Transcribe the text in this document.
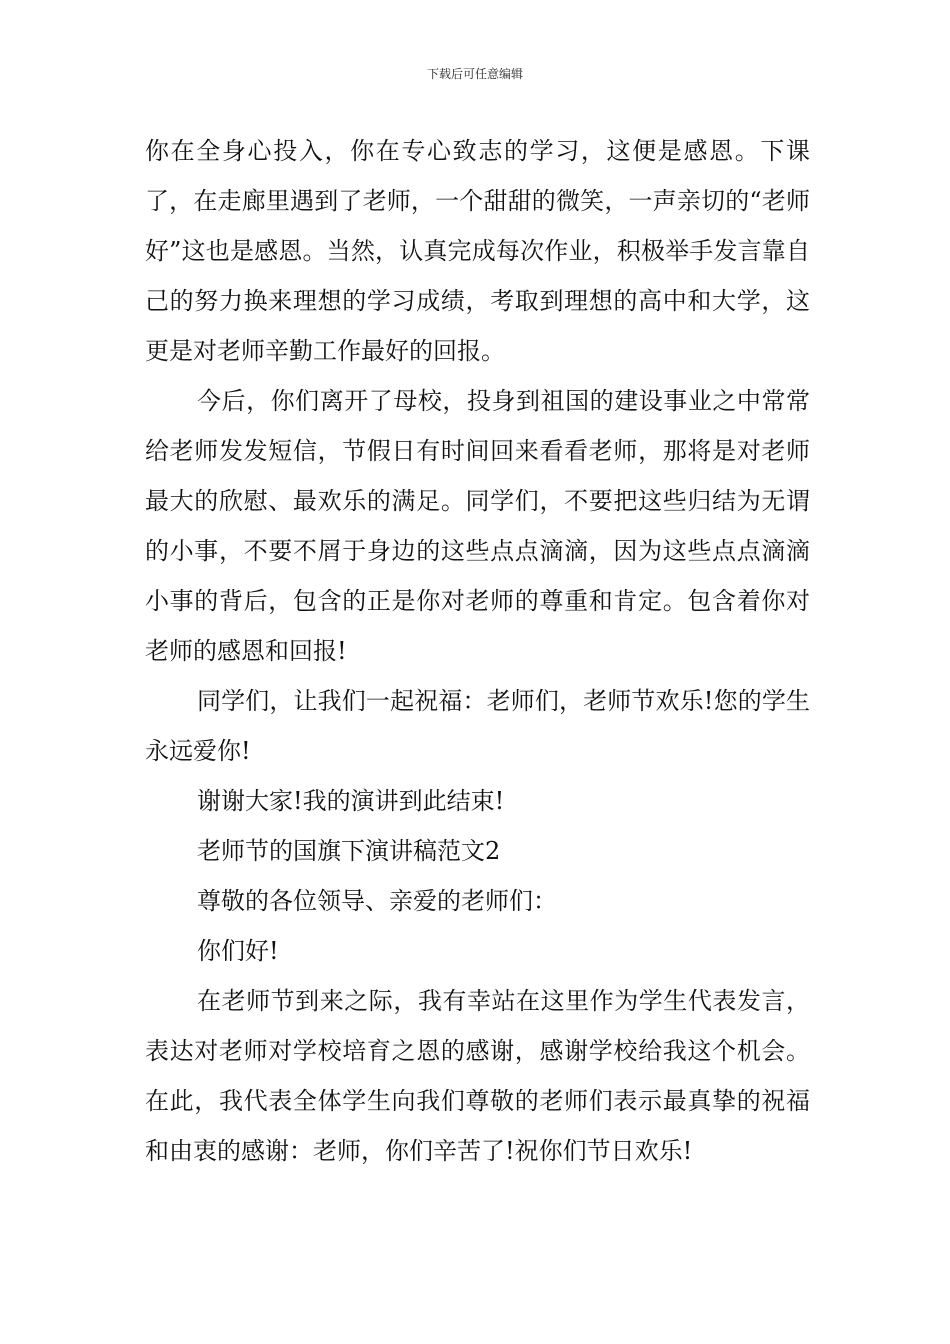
下载后可任意编辑

你在全身心投入，你在专心致志的学习，这便是感恩。下课了，在走廊里遇到了老师，一个甜甜的微笑，一声亲切的“老师好”这也是感恩。当然，认真完成每次作业，积极举手发言靠自己的努力换来理想的学习成绩，考取到理想的高中和大学，这更是对老师辛勤工作最好的回报。

今后，你们离开了母校，投身到祖国的建设事业之中常常给老师发发短信，节假日有时间回来看看老师，那将是对老师最大的欣慰、最欢乐的满足。同学们，不要把这些归结为无谓的小事，不要不屑于身边的这些点点滴滴，因为这些点点滴滴小事的背后，包含的正是你对老师的尊重和肯定。包含着你对老师的感恩和回报!

同学们，让我们一起祝福：老师们，老师节欢乐!您的学生永远爱你!

谢谢大家!我的演讲到此结束!

老师节的国旗下演讲稿范文2

尊敬的各位领导、亲爱的老师们：

你们好!

在老师节到来之际，我有幸站在这里作为学生代表发言，表达对老师对学校培育之恩的感谢，感谢学校给我这个机会。在此，我代表全体学生向我们尊敬的老师们表示最真挚的祝福和由衷的感谢：老师，你们辛苦了!祝你们节日欢乐!
